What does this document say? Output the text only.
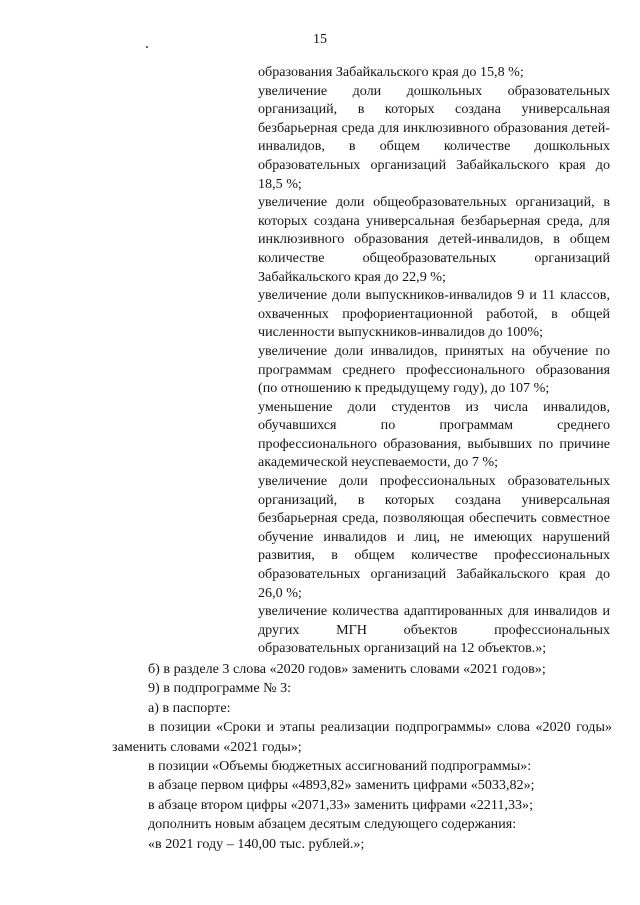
15
образования Забайкальского края до 15,8 %;
увеличение доли дошкольных образовательных организаций, в которых создана универсальная безбарьерная среда для инклюзивного образования детей-инвалидов, в общем количестве дошкольных образовательных организаций Забайкальского края до 18,5 %;
увеличение доли общеобразовательных организаций, в которых создана универсальная безбарьерная среда, для инклюзивного образования детей-инвалидов, в общем количестве общеобразовательных организаций Забайкальского края до 22,9 %;
увеличение доли выпускников-инвалидов 9 и 11 классов, охваченных профориентационной работой, в общей численности выпускников-инвалидов до 100%;
увеличение доли инвалидов, принятых на обучение по программам среднего профессионального образования (по отношению к предыдущему году), до 107 %;
уменьшение доли студентов из числа инвалидов, обучавшихся по программам среднего профессионального образования, выбывших по причине академической неуспеваемости, до 7 %;
увеличение доли профессиональных образовательных организаций, в которых создана универсальная безбарьерная среда, позволяющая обеспечить совместное обучение инвалидов и лиц, не имеющих нарушений развития, в общем количестве профессиональных образовательных организаций Забайкальского края до 26,0 %;
увеличение количества адаптированных для инвалидов и других МГН объектов профессиональных образовательных организаций на 12 объектов.»;
б) в разделе 3 слова «2020 годов» заменить словами «2021 годов»;
9) в подпрограмме № 3:
а) в паспорте:
в позиции «Сроки и этапы реализации подпрограммы» слова «2020 годы» заменить словами «2021 годы»;
в позиции «Объемы бюджетных ассигнований подпрограммы»:
в абзаце первом цифры «4893,82» заменить цифрами «5033,82»;
в абзаце втором цифры «2071,33» заменить цифрами «2211,33»;
дополнить новым абзацем десятым следующего содержания:
«в 2021 году – 140,00 тыс. рублей.»;
